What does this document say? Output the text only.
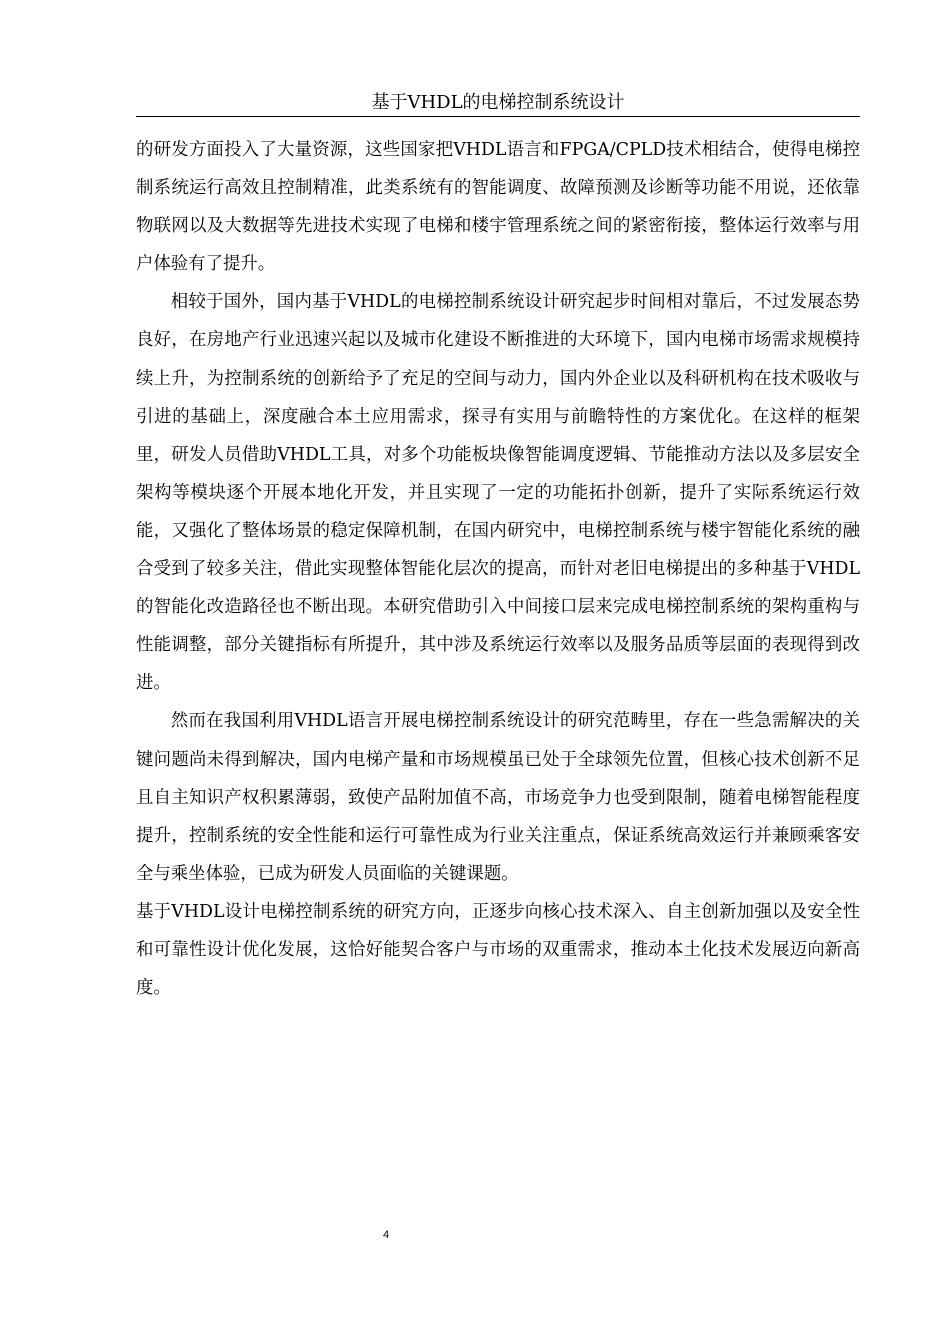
基于VHDL的电梯控制系统设计

的研发方面投入了大量资源，这些国家把VHDL语言和FPGA/CPLD技术相结合，使得电梯控制系统运行高效且控制精准，此类系统有的智能调度、故障预测及诊断等功能不用说，还依靠物联网以及大数据等先进技术实现了电梯和楼宇管理系统之间的紧密衔接，整体运行效率与用户体验有了提升。

相较于国外，国内基于VHDL的电梯控制系统设计研究起步时间相对靠后，不过发展态势良好，在房地产行业迅速兴起以及城市化建设不断推进的大环境下，国内电梯市场需求规模持续上升，为控制系统的创新给予了充足的空间与动力，国内外企业以及科研机构在技术吸收与引进的基础上，深度融合本土应用需求，探寻有实用与前瞻特性的方案优化。在这样的框架里，研发人员借助VHDL工具，对多个功能板块像智能调度逻辑、节能推动方法以及多层安全架构等模块逐个开展本地化开发，并且实现了一定的功能拓扑创新，提升了实际系统运行效能，又强化了整体场景的稳定保障机制，在国内研究中，电梯控制系统与楼宇智能化系统的融合受到了较多关注，借此实现整体智能化层次的提高，而针对老旧电梯提出的多种基于VHDL的智能化改造路径也不断出现。本研究借助引入中间接口层来完成电梯控制系统的架构重构与性能调整，部分关键指标有所提升，其中涉及系统运行效率以及服务品质等层面的表现得到改进。

然而在我国利用VHDL语言开展电梯控制系统设计的研究范畴里，存在一些急需解决的关键问题尚未得到解决，国内电梯产量和市场规模虽已处于全球领先位置，但核心技术创新不足且自主知识产权积累薄弱，致使产品附加值不高，市场竞争力也受到限制，随着电梯智能程度提升，控制系统的安全性能和运行可靠性成为行业关注重点，保证系统高效运行并兼顾乘客安全与乘坐体验，已成为研发人员面临的关键课题。

基于VHDL设计电梯控制系统的研究方向，正逐步向核心技术深入、自主创新加强以及安全性和可靠性设计优化发展，这恰好能契合客户与市场的双重需求，推动本土化技术发展迈向新高度。

4
